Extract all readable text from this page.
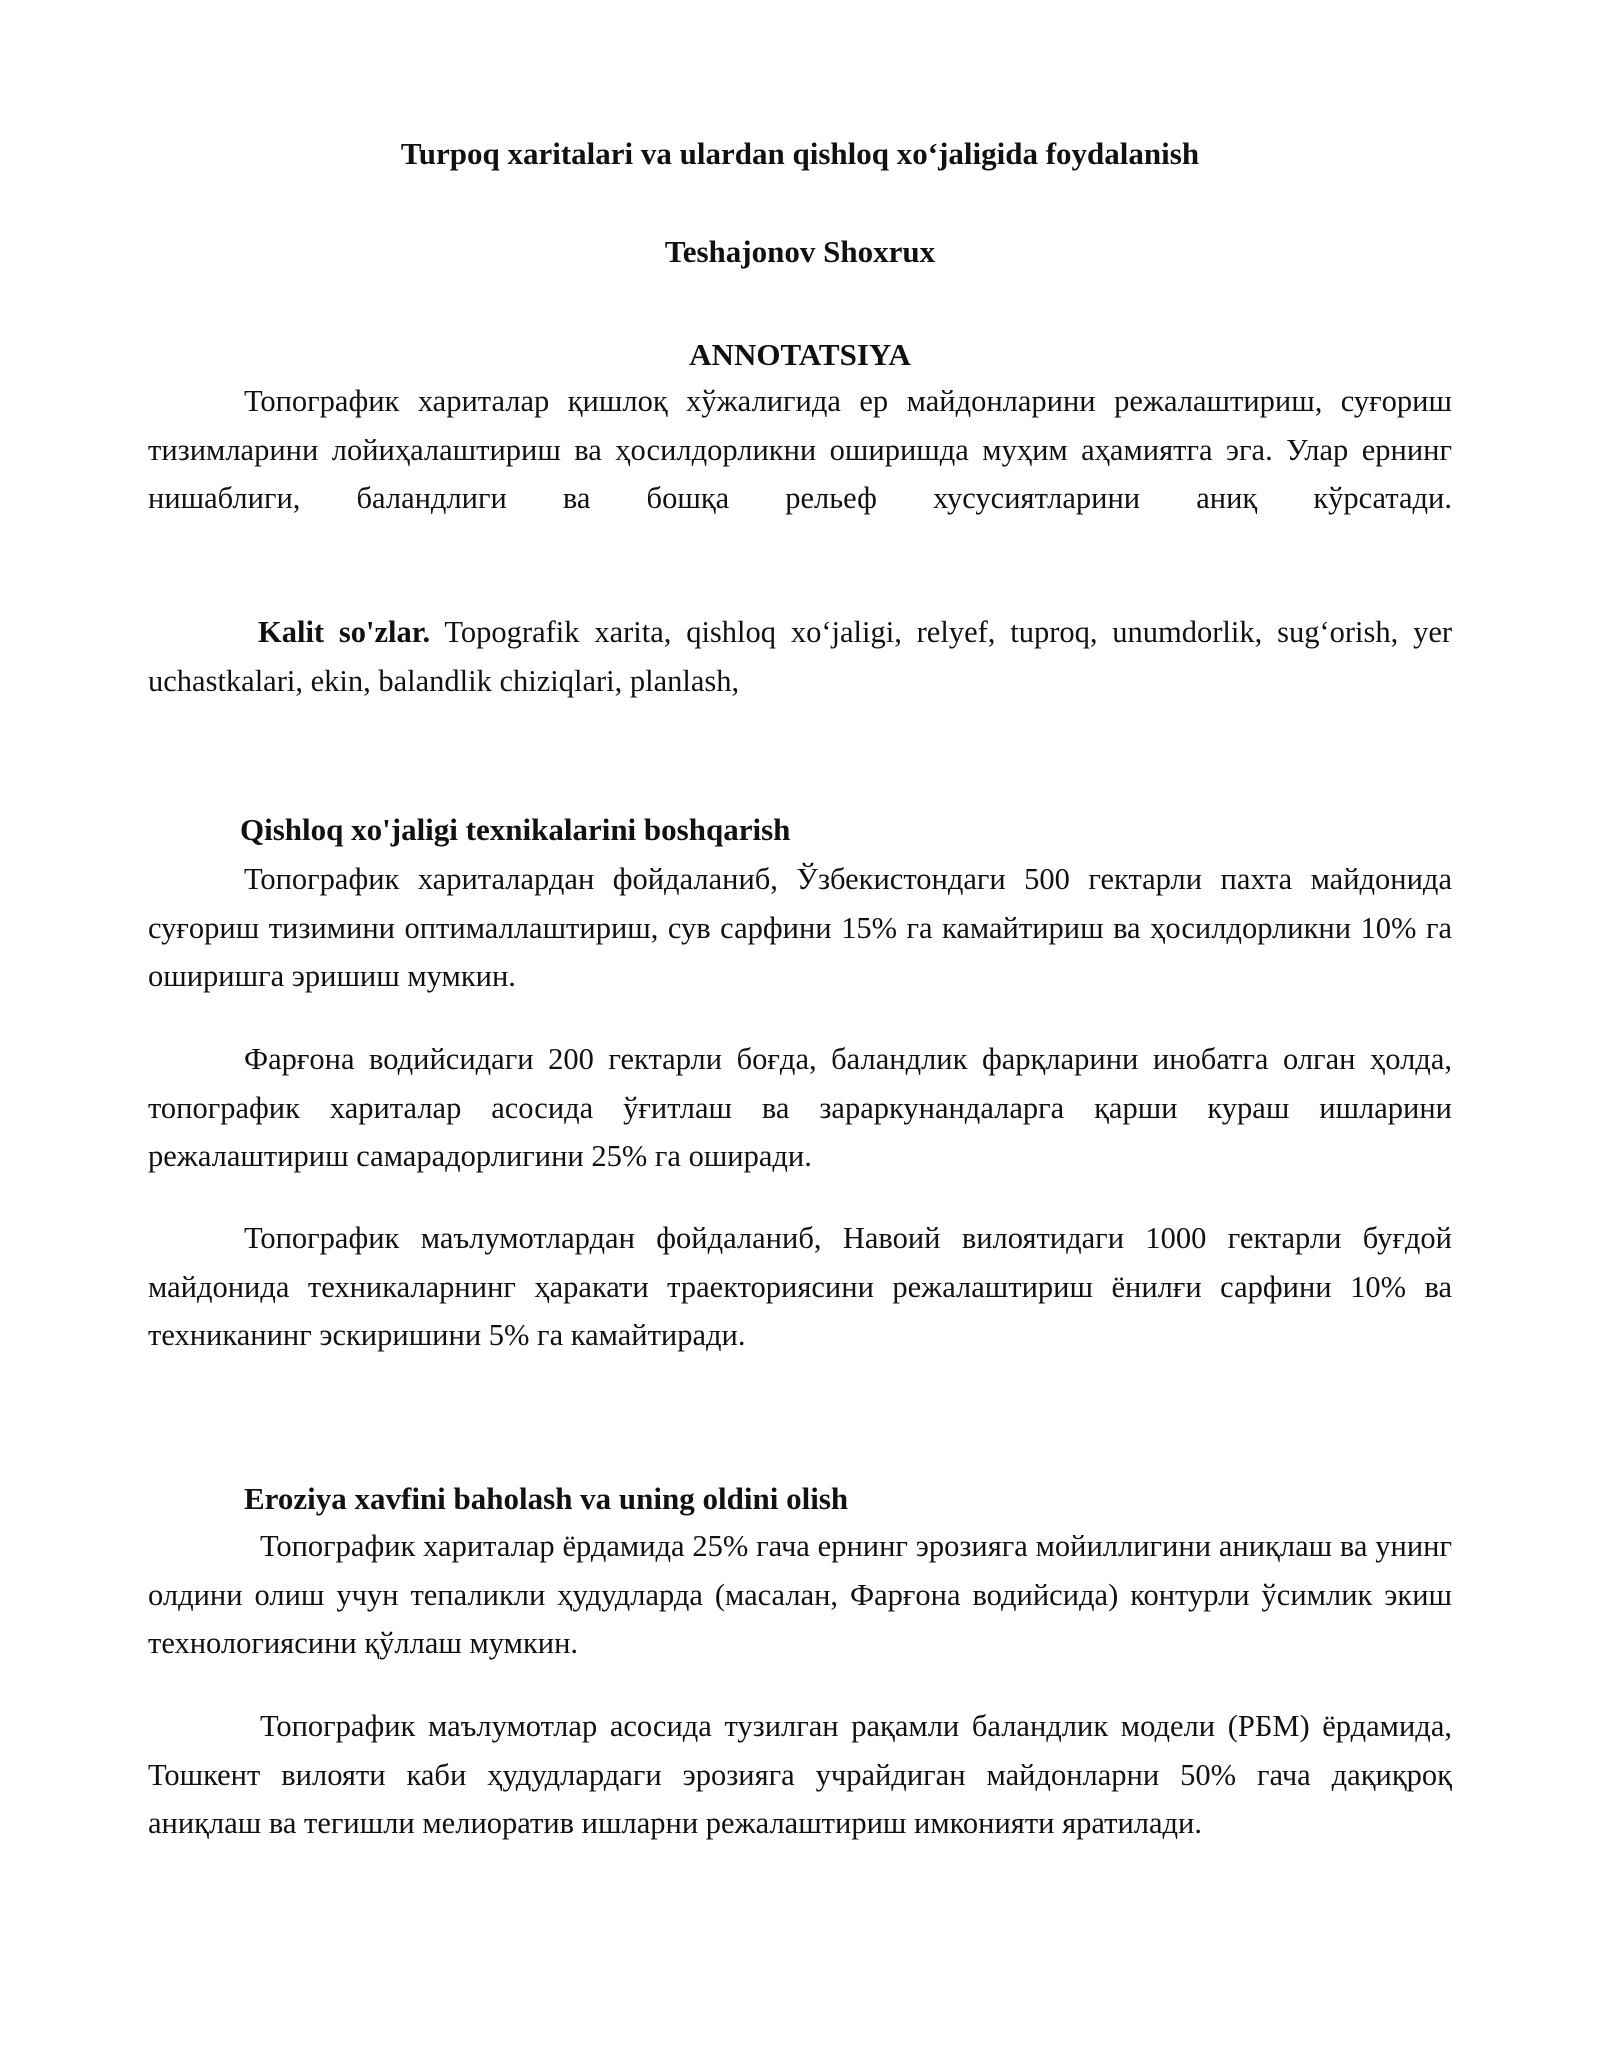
Turpoq xaritalari va ulardan qishloq xo‘jaligida foydalanish
Teshajonov Shoxrux
ANNOTATSIYA

Топографик хариталар қишлоқ хўжалигида ер майдонларини режалаштириш, суғориш тизимларини лойиҳалаштириш ва ҳосилдорликни оширишда муҳим аҳамиятга эга. Улар ернинг нишаблиги, баландлиги ва бошқа рельеф хусусиятларини аниқ кўрсатади.

Kalit so'zlar. Topografik xarita, qishloq xo‘jaligi, relyef, tuproq, unumdorlik, sug‘orish, yer uchastkalari, ekin, balandlik chiziqlari, planlash,

Qishloq xo'jaligi texnikalarini boshqarish

Топографик хариталардан фойдаланиб, Ўзбекистондаги 500 гектарли пахта майдонида суғориш тизимини оптималлаштириш, сув сарфини 15% га камайтириш ва ҳосилдорликни 10% га оширишга эришиш мумкин.

Фарғона водийсидаги 200 гектарли боғда, баландлик фарқларини инобатга олган ҳолда, топографик хариталар асосида ўғитлаш ва зараркунандаларга қарши кураш ишларини режалаштириш самарадорлигини 25% га оширади.

Топографик маълумотлардан фойдаланиб, Навоий вилоятидаги 1000 гектарли буғдой майдонида техникаларнинг ҳаракати траекториясини режалаштириш ёнилғи сарфини 10% ва техниканинг эскиришини 5% га камайтиради.

Eroziya xavfini baholash va uning oldini olish

Топографик хариталар ёрдамида 25% гача ернинг эрозияга мойиллигини аниқлаш ва унинг олдини олиш учун тепаликли ҳудудларда (масалан, Фарғона водийсида) контурли ўсимлик экиш технологиясини қўллаш мумкин.

Топографик маълумотлар асосида тузилган рақамли баландлик модели (РБМ) ёрдамида, Тошкент вилояти каби ҳудудлардаги эрозияга учрайдиган майдонларни 50% гача дақиқроқ аниқлаш ва тегишли мелиоратив ишларни режалаштириш имконияти яратилади.
